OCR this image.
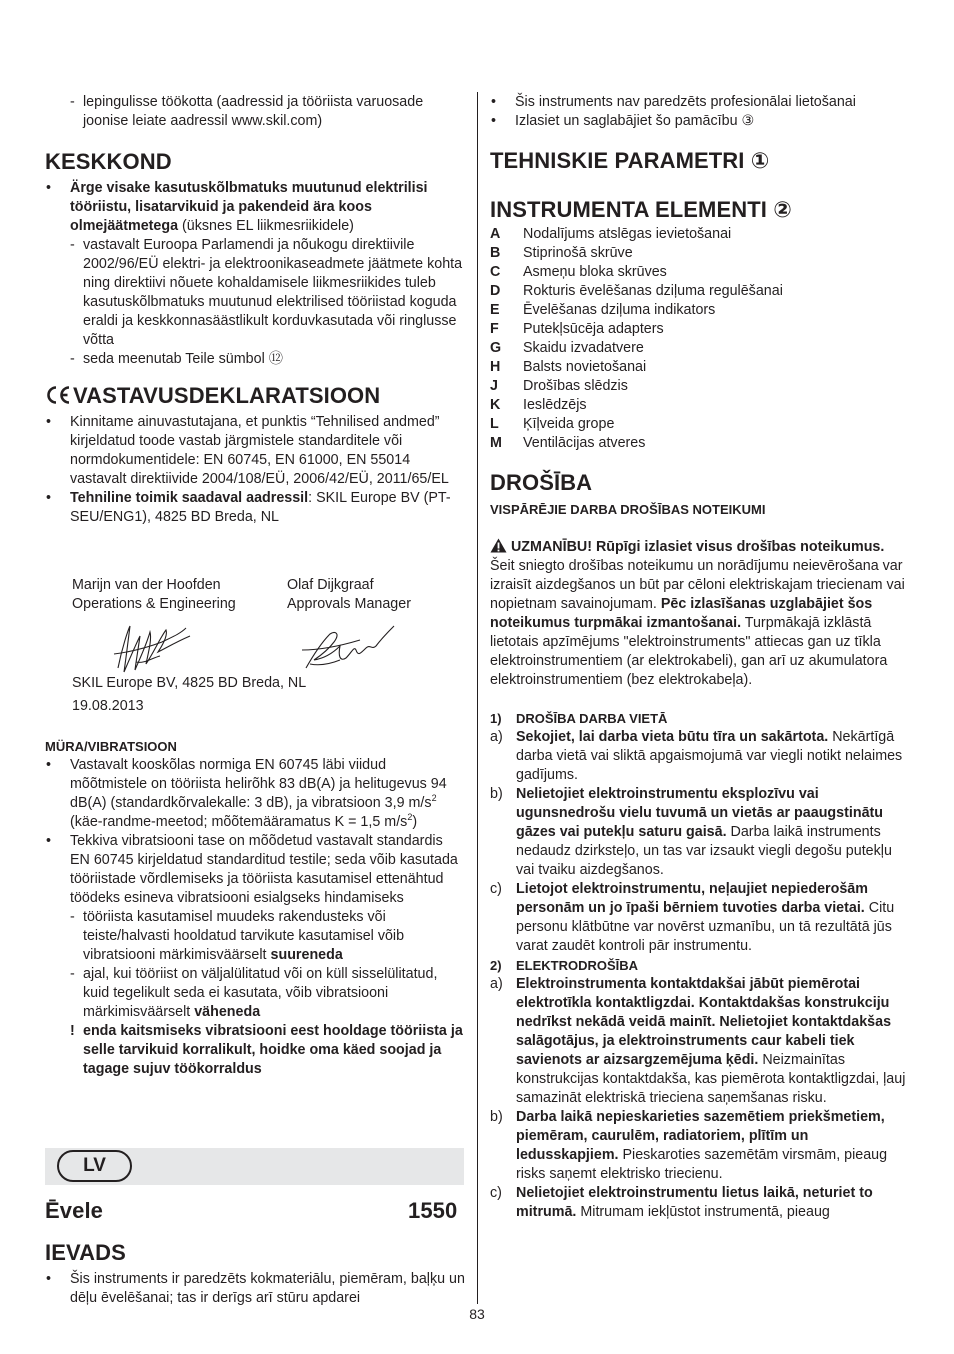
- lepingulisse töökotta (aadressid ja tööriista varuosade joonise leiate aadressil www.skil.com)
KESKKOND
• Ärge visake kasutuskõlbmatuks muutunud elektrilisi tööriistu, lisatarvikuid ja pakendeid ära koos olmejäätmetega (üksnes EL liikmesriikidele)
- vastavalt Euroopa Parlamendi ja nõukogu direktiivile 2002/96/EÜ elektri- ja elektroonikaseadmete jäätmete kohta ning direktiivi nõuete kohaldamisele liikmesriikides tuleb kasutuskõlbmatuks muutunud elektrilised tööriistad koguda eraldi ja keskkonnasäästlikult korduvkasutada või ringlusse võtta
- seda meenutab Teile sümbol ⑫
VASTAVUSDEKLARATSIOON
• Kinnitame ainuvastutajana, et punktis “Tehnilised andmed” kirjeldatud toode vastab järgmistele standarditele või normdokumentidele: EN 60745, EN 61000, EN 55014 vastavalt direktiivide 2004/108/EÜ, 2006/42/EÜ, 2011/65/EL
• Tehniline toimik saadaval aadressil: SKIL Europe BV (PT-SEU/ENG1), 4825 BD Breda, NL
Marijn van der Hoofden
Operations & Engineering
Olaf Dijkgraaf
Approvals Manager
SKIL Europe BV, 4825 BD Breda, NL
19.08.2013
MÜRA/VIBRATSIOON
• Vastavalt kooskõlas normiga EN 60745 läbi viidud mõõtmistele on tööriista helirõhk 83 dB(A) ja helitugevus 94 dB(A) (standardkõrvalekalle: 3 dB), ja vibratsioon 3,9 $m/s^2$ (käe-randme-meetod; mõõtemääramatus K = 1,5 $m/s^2$)
• Tekkiva vibratsiooni tase on mõõdetud vastavalt standardis EN 60745 kirjeldatud standarditud testile; seda võib kasutada tööriistade võrdlemiseks ja tööriista kasutamisel ettenähtud töödeks esineva vibratsiooni esialgseks hindamiseks
- tööriista kasutamisel muudeks rakendusteks või teiste/halvasti hooldatud tarvikute kasutamisel võib vibratsiooni märkimisväärselt suureneda
- ajal, kui tööriist on väljalülitatud või on küll sisselülitatud, kuid tegelikult seda ei kasutata, võib vibratsiooni märkimisväärselt väheneda
! enda kaitsmiseks vibratsiooni eest hooldage tööriista ja selle tarvikuid korralikult, hoidke oma käed soojad ja tagage sujuv töökorraldus
LV
Ēvele	1550
IEVADS
• Šis instruments ir paredzēts kokmateriālu, piemēram, baļķu un dēļu ēvelēšanai; tas ir derīgs arī stūru apdarei
• Šis instruments nav paredzēts profesionālai lietošanai
• Izlasiet un saglabājiet šo pamācību ③
TEHNISKIE PARAMETRI ①
INSTRUMENTA ELEMENTI ②
A Nodalījums atslēgas ievietošanai
B Stiprinošā skrūve
C Asmeņu bloka skrūves
D Rokturis ēvelēšanas dziļuma regulēšanai
E Ēvelēšanas dziļuma indikators
F Putekļsūcēja adapters
G Skaidu izvadatvere
H Balsts novietošanai
J Drošības slēdzis
K Ieslēdzējs
L Ķīļveida grope
M Ventilācijas atveres
DROŠĪBA
VISPĀRĒJIE DARBA DROŠĪBAS NOTEIKUMI
UZMANĪBU! Rūpīgi izlasiet visus drošības noteikumus. Šeit sniegto drošības noteikumu un norādījumu neievērošana var izraisīt aizdegšanos un būt par cēloni elektriskajam triecienam vai nopietnam savainojumam. Pēc izlasīšanas uzglabājiet šos noteikumus turpmākai izmantošanai. Turpmākajā izklāstā lietotais apzīmējums "elektroinstruments" attiecas gan uz tīkla elektroinstrumentiem (ar elektrokabeli), gan arī uz akumulatora elektroinstrumentiem (bez elektrokabeļa).
1) DROŠĪBA DARBA VIETĀ
a) Sekojiet, lai darba vieta būtu tīra un sakārtota. Nekārtīgā darba vietā vai sliktā apgaismojumā var viegli notikt nelaimes gadījums.
b) Nelietojiet elektroinstrumentu eksplozīvu vai ugunsnedrošu vielu tuvumā un vietās ar paaugstinātu gāzes vai putekļu saturu gaisā. Darba laikā instruments nedaudz dzirksteļo, un tas var izsaukt viegli degošu putekļu vai tvaiku aizdegšanos.
c) Lietojot elektroinstrumentu, neļaujiet nepiederošām personām un jo īpaši bērniem tuvoties darba vietai. Citu personu klātbūtne var novērst uzmanību, un tā rezultātā jūs varat zaudēt kontroli pār instrumentu.
2) ELEKTRODROŠĪBA
a) Elektroinstrumenta kontaktdakšai jābūt piemērotai elektrotīkla kontaktligzdai. Kontaktdakšas konstrukciju nedrīkst nekādā veidā mainīt. Nelietojiet kontaktdakšas salāgotājus, ja elektroinstruments caur kabeli tiek savienots ar aizsargzemējuma ķēdi. Neizmainītas konstrukcijas kontaktdakša, kas piemērota kontaktligzdai, ļauj samazināt elektriskā trieciena saņemšanas risku.
b) Darba laikā nepieskarieties sazemētiem priekšmetiem, piemēram, caurulēm, radiatoriem, plītīm un ledusskapjiem. Pieskaroties sazemētām virsmām, pieaug risks saņemt elektrisko triecienu.
c) Nelietojiet elektroinstrumentu lietus laikā, neturiet to mitrumā. Mitrumam iekļūstot instrumentā, pieaug
83
